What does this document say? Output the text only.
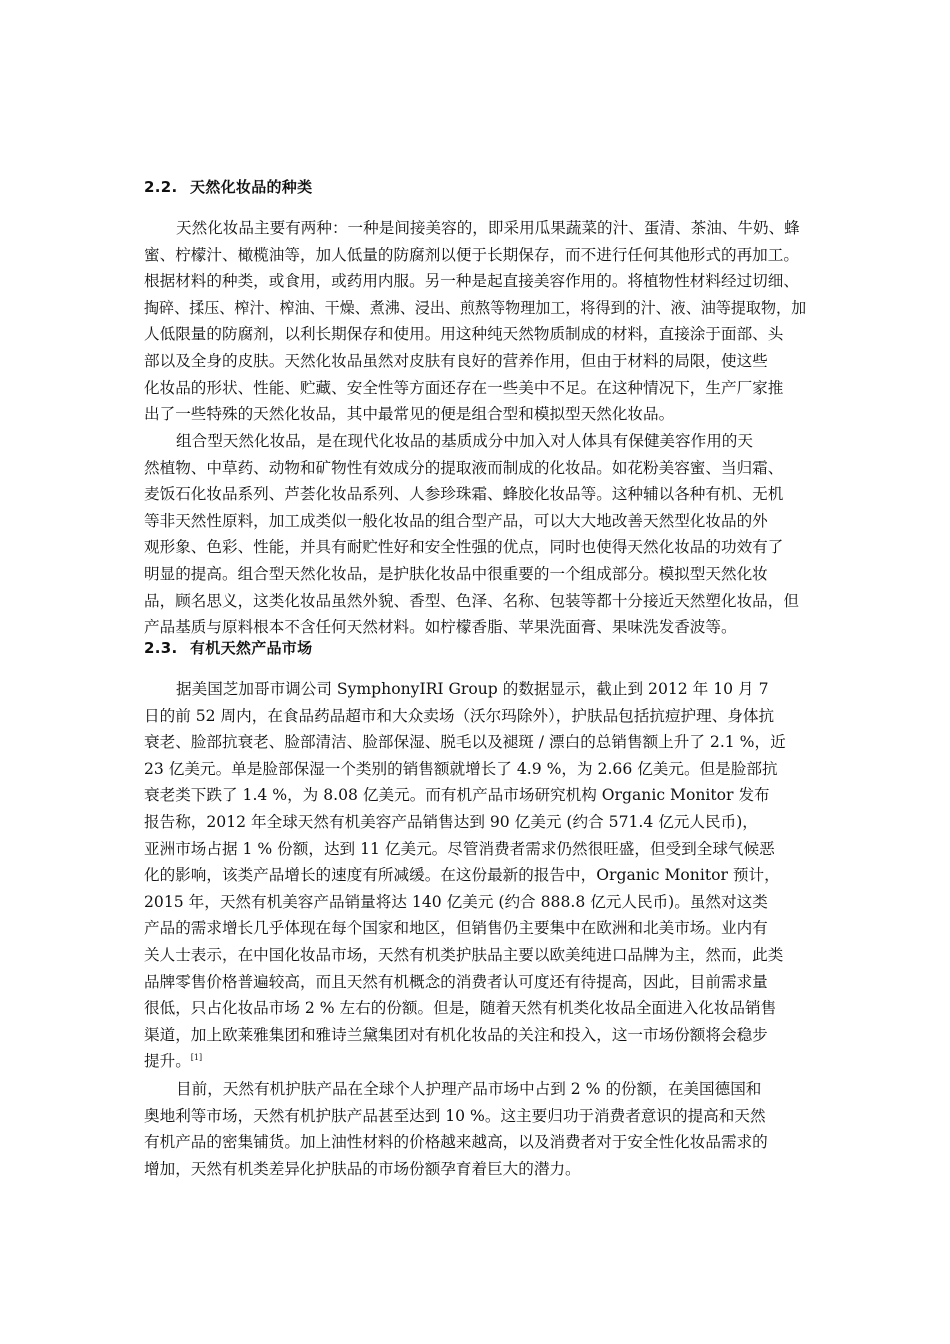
2.2. 天然化妆品的种类
天然化妆品主要有两种：一种是间接美容的，即采用瓜果蔬菜的汁、蛋清、茶油、牛奶、蜂
蜜、柠檬汁、橄榄油等，加人低量的防腐剂以便于长期保存，而不进行任何其他形式的再加工。
根据材料的种类，或食用，或药用内服。另一种是起直接美容作用的。将植物性材料经过切细、
掏碎、揉压、榨汁、榨油、干燥、煮沸、浸出、煎熬等物理加工，将得到的汁、液、油等提取物，加
人低限量的防腐剂，以利长期保存和使用。用这种纯天然物质制成的材料，直接涂于面部、头
部以及全身的皮肤。天然化妆品虽然对皮肤有良好的营养作用，但由于材料的局限，使这些
化妆品的形状、性能、贮藏、安全性等方面还存在一些美中不足。在这种情况下，生产厂家推
出了一些特殊的天然化妆品，其中最常见的便是组合型和模拟型天然化妆品。
组合型天然化妆品，是在现代化妆品的基质成分中加入对人体具有保健美容作用的天
然植物、中草药、动物和矿物性有效成分的提取液而制成的化妆品。如花粉美容蜜、当归霜、
麦饭石化妆品系列、芦荟化妆品系列、人参珍珠霜、蜂胶化妆品等。这种辅以各种有机、无机
等非天然性原料，加工成类似一般化妆品的组合型产品，可以大大地改善天然型化妆品的外
观形象、色彩、性能，并具有耐贮性好和安全性强的优点，同时也使得天然化妆品的功效有了
明显的提高。组合型天然化妆品，是护肤化妆品中很重要的一个组成部分。模拟型天然化妆
品，顾名思义，这类化妆品虽然外貌、香型、色泽、名称、包装等都十分接近天然塑化妆品，但
产品基质与原料根本不含任何天然材料。如柠檬香脂、苹果洗面膏、果味洗发香波等。
2.3. 有机天然产品市场
据美国芝加哥市调公司 SymphonyIRI Group 的数据显示，截止到 2012 年 10 月 7
日的前 52 周内，在食品药品超市和大众卖场（沃尔玛除外），护肤品包括抗痘护理、身体抗
衰老、脸部抗衰老、脸部清洁、脸部保湿、脱毛以及褪斑 / 漂白的总销售额上升了 2.1 %，近
23 亿美元。单是脸部保湿一个类别的销售额就增长了 4.9 %，为 2.66 亿美元。但是脸部抗
衰老类下跌了 1.4 %，为 8.08 亿美元。而有机产品市场研究机构 Organic Monitor 发布
报告称，2012 年全球天然有机美容产品销售达到 90 亿美元 (约合 571.4 亿元人民币)，
亚洲市场占据 1 % 份额，达到 11 亿美元。尽管消费者需求仍然很旺盛，但受到全球气候恶
化的影响，该类产品增长的速度有所减缓。在这份最新的报告中，Organic Monitor 预计，
2015 年，天然有机美容产品销量将达 140 亿美元 (约合 888.8 亿元人民币)。虽然对这类
产品的需求增长几乎体现在每个国家和地区，但销售仍主要集中在欧洲和北美市场。业内有
关人士表示，在中国化妆品市场，天然有机类护肤品主要以欧美纯进口品牌为主，然而，此类
品牌零售价格普遍较高，而且天然有机概念的消费者认可度还有待提高，因此，目前需求量
很低，只占化妆品市场 2 % 左右的份额。但是，随着天然有机类化妆品全面进入化妆品销售
渠道，加上欧莱雅集团和雅诗兰黛集团对有机化妆品的关注和投入，这一市场份额将会稳步
提升。[1]
目前，天然有机护肤产品在全球个人护理产品市场中占到 2 % 的份额，在美国德国和
奥地利等市场，天然有机护肤产品甚至达到 10 %。这主要归功于消费者意识的提高和天然
有机产品的密集铺货。加上油性材料的价格越来越高，以及消费者对于安全性化妆品需求的
增加，天然有机类差异化护肤品的市场份额孕育着巨大的潜力。
